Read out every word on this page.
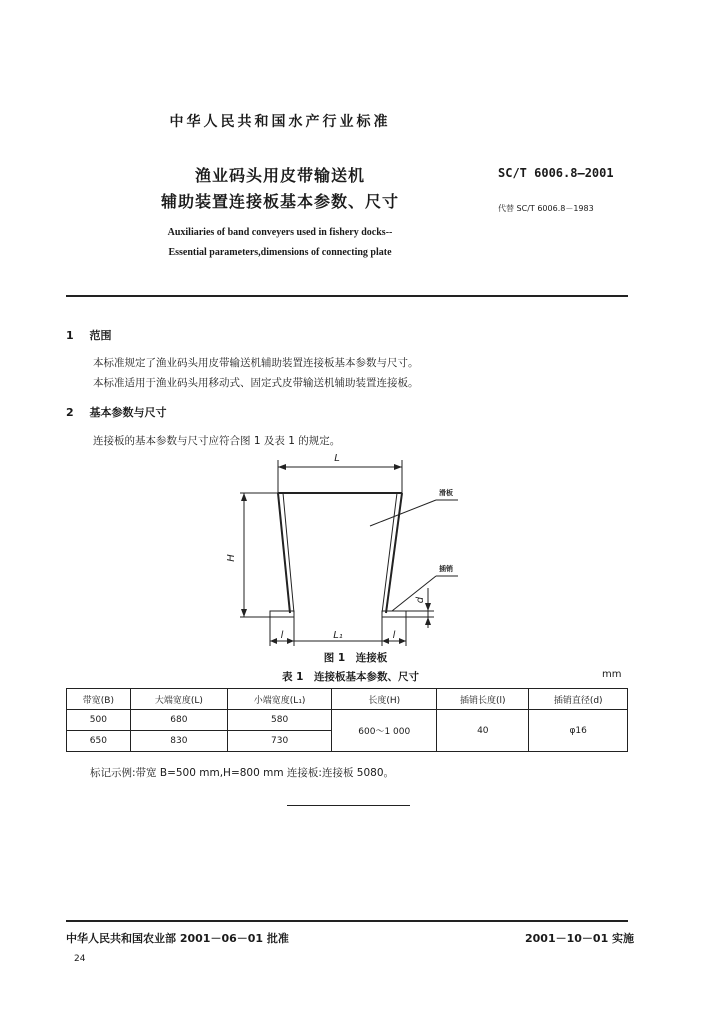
中华人民共和国水产行业标准
渔业码头用皮带输送机
辅助装置连接板基本参数、尺寸
SC/T 6006.8—2001
代替 SC/T 6006.8－1983
Auxiliaries of band conveyers used in fishery docks--
Essential parameters,dimensions of connecting plate
1 范围
本标准规定了渔业码头用皮带输送机辅助装置连接板基本参数与尺寸。
本标准适用于渔业码头用移动式、固定式皮带输送机辅助装置连接板。
2 基本参数与尺寸
连接板的基本参数与尺寸应符合图 1 及表 1 的规定。
L
H
d
l	L₁	l
滑板
插销
图 1　连接板
表 1　连接板基本参数、尺寸	mm
带宽(B)	大端宽度(L)	小端宽度(L₁)	长度(H)	插销长度(l)	插销直径(d)
500	680	580	600～1 000	40	φ16
650	830	730			
标记示例:带宽 B=500 mm,H=800 mm 连接板:连接板 5080。
中华人民共和国农业部 2001－06－01 批准	2001－10－01 实施
24
